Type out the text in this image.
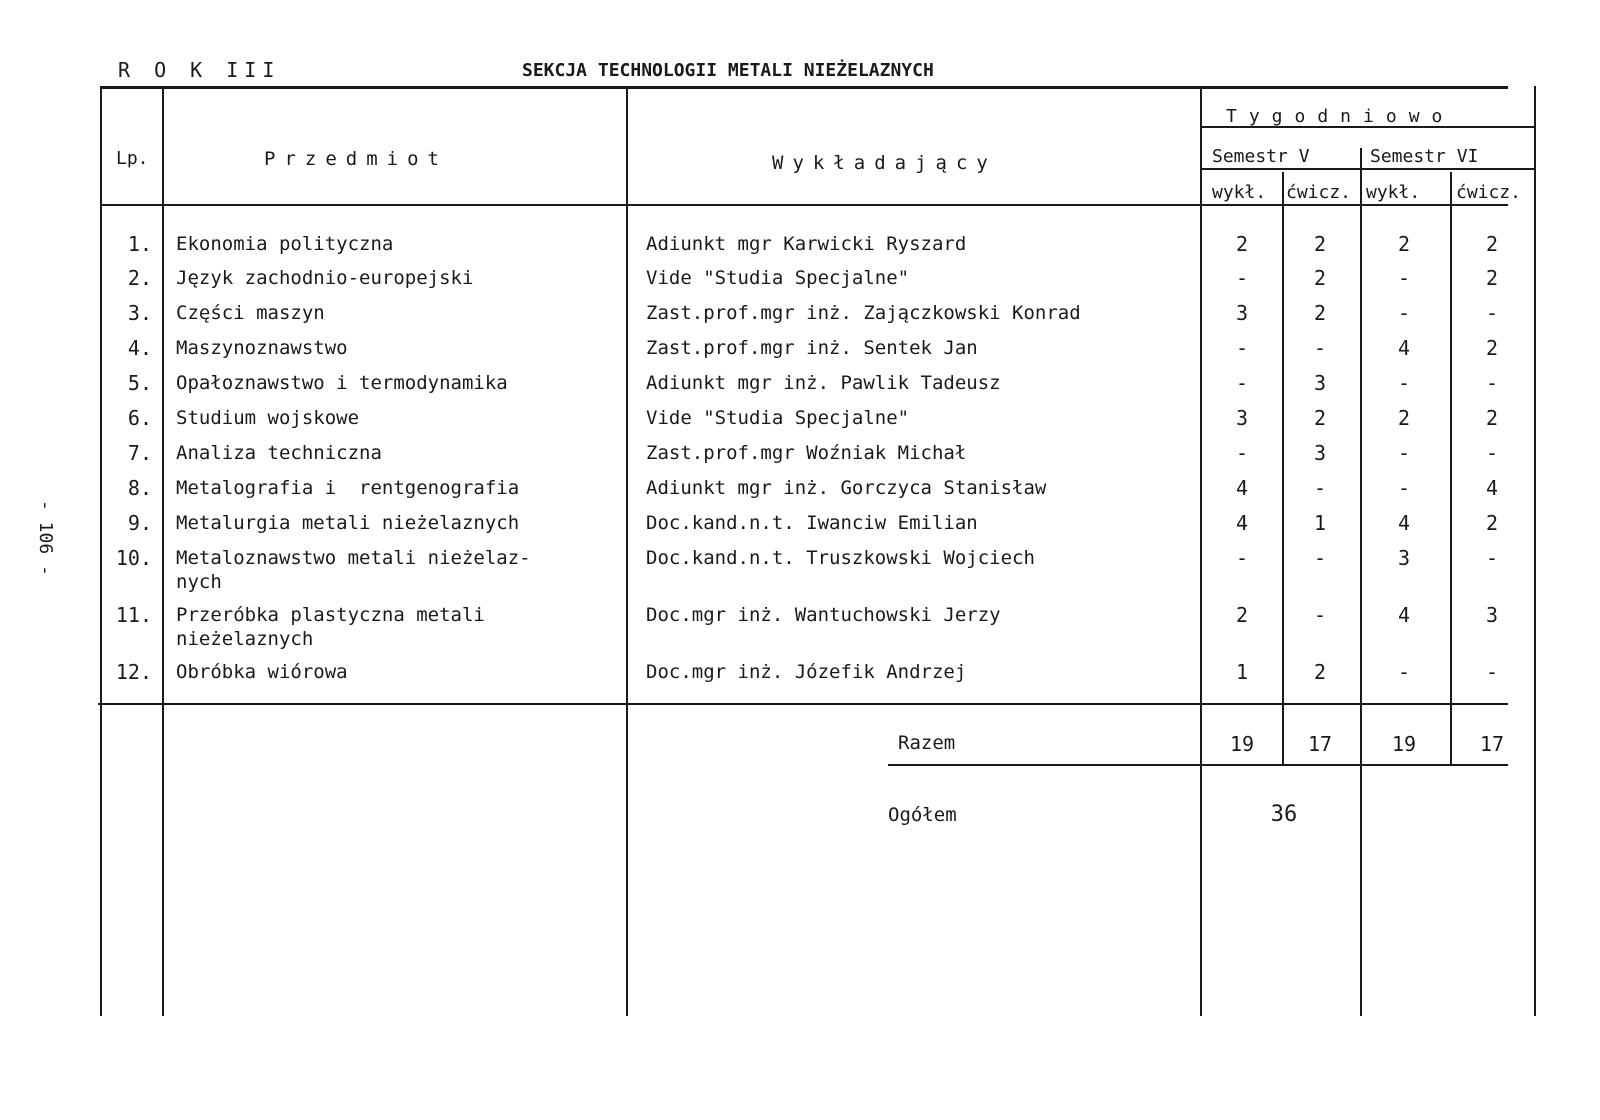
R O K III	SEKCJA TECHNOLOGII METALI NIEŻELAZNYCH
- 106 -
Lp.	Przedmiot	Wykładający
Tygodniowo
Semestr V	Semestr VI
wykł. ćwicz. wykł. ćwicz.
1. Ekonomia polityczna	Adiunkt mgr Karwicki Ryszard	2	2	2	2
2. Język zachodnio-europejski	Vide "Studia Specjalne"	-	2	-	2
3. Części maszyn	Zast.prof.mgr inż. Zajączkowski Konrad	3	2	-	-
4. Maszynoznawstwo	Zast.prof.mgr inż. Sentek Jan	-	-	4	2
5. Opałoznawstwo i termodynamika	Adiunkt mgr inż. Pawlik Tadeusz	-	3	-	-
6. Studium wojskowe	Vide "Studia Specjalne"	3	2	2	2
7. Analiza techniczna	Zast.prof.mgr Woźniak Michał	-	3	-	-
8. Metalografia i  rentgenografia	Adiunkt mgr inż. Gorczyca Stanisław	4	-	-	4
9. Metalurgia metali nieżelaznych	Doc.kand.n.t. Iwanciw Emilian	4	1	4	2
10. Metaloznawstwo metali nieżelaz-
nych
Doc.kand.n.t. Truszkowski Wojciech	-	-	3	-
11. Przeróbka plastyczna metali
nieżelaznych
Doc.mgr inż. Wantuchowski Jerzy	2	-	4	3
12. Obróbka wiórowa	Doc.mgr inż. Józefik Andrzej	1	2	-	-
Razem	19	17	19	17
Ogółem	36
